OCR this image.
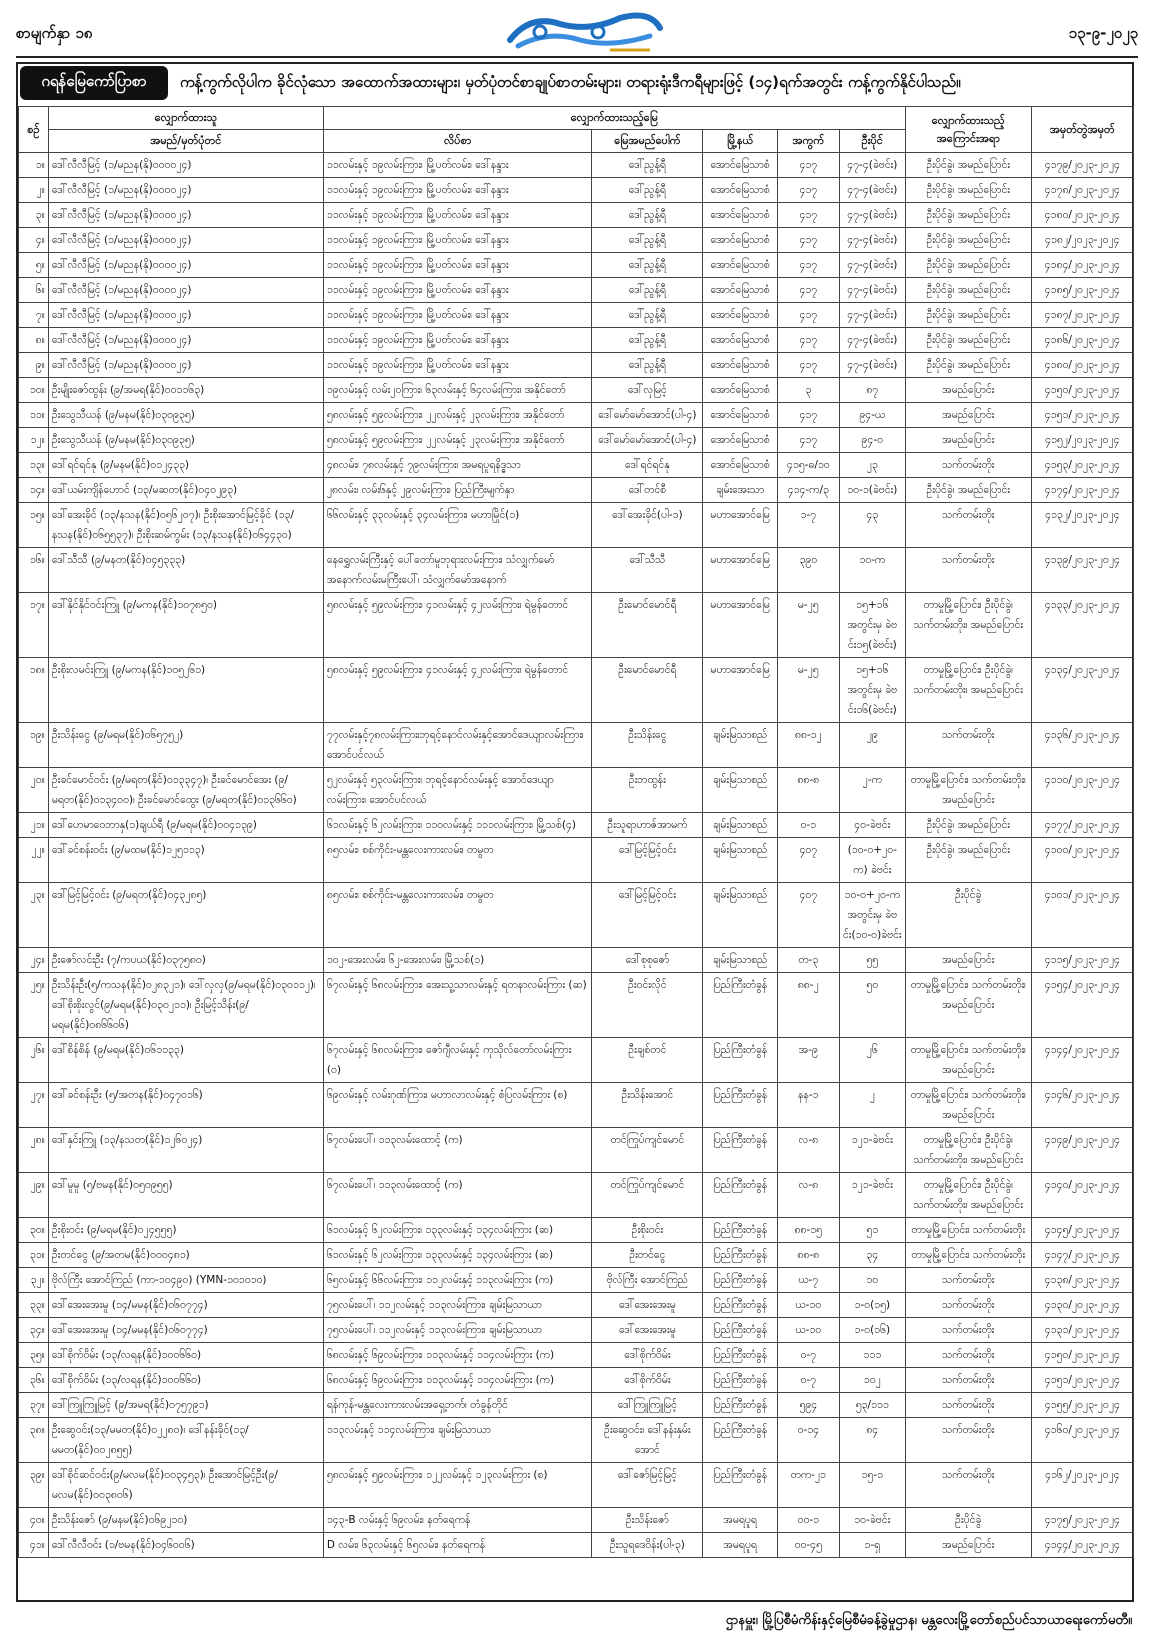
စာမျက်နှာ ၁၈	၁၃-၉-၂၀၂၃
ဂရန်မြေကော်ပြာစာ	ကန့်ကွက်လိုပါက ခိုင်လုံသော အထောက်အထားများ၊ မှတ်ပုံတင်စာချုပ်စာတမ်းများ၊ တရားရုံးဒီကရီများဖြင့် (၁၄)ရက်အတွင်း ကန့်ကွက်နိုင်ပါသည်။
စဉ်	လျှောက်ထားသူ	လျှောက်ထားသည့်မြေ					လျှောက်ထားသည့် အကြောင်းအရာ	အမှတ်တွဲအမှတ်
	အမည်/မှတ်ပုံတင်	လိပ်စာ	မြေအမည်ပေါက်	မြို့နယ်	အကွက်	ဦးပိုင်		
၁။	ဒေါ်လီလီမြင့် (၁/မညန(နို)၀၀၀၀၂၄)	၁၁လမ်းနှင့် ၁၉လမ်းကြား၊ မြို့ပတ်လမ်း၊ ဒေါ်နန္ဒား	ဒေါ်ညွန့်ရီ	အောင်မြေသာစံ	၄၁၇	၄၇-၄(ခဲဗင်း)	ဦးပိုင်ခွဲ၊ အမည်ပြောင်း	၄၁၇၉/၂၀၂၃-၂၀၂၄
၂။	ဒေါ်လီလီမြင့် (၁/မညန(နို)၀၀၀၀၂၄)	၁၁လမ်းနှင့် ၁၉လမ်းကြား၊ မြို့ပတ်လမ်း၊ ဒေါ်နန္ဒား	ဒေါ်ညွန့်ရီ	အောင်မြေသာစံ	၄၁၇	၄၇-၄(ခဲဗင်း)	ဦးပိုင်ခွဲ၊ အမည်ပြောင်း	၄၁၇၈/၂၀၂၃-၂၀၂၄
၃။	ဒေါ်လီလီမြင့် (၁/မညန(နို)၀၀၀၀၂၄)	၁၁လမ်းနှင့် ၁၉လမ်းကြား၊ မြို့ပတ်လမ်း၊ ဒေါ်နန္ဒား	ဒေါ်ညွန့်ရီ	အောင်မြေသာစံ	၄၁၇	၄၇-၄(ခဲဗင်း)	ဦးပိုင်ခွဲ၊ အမည်ပြောင်း	၄၁၈၀/၂၀၂၃-၂၀၂၄
၄။	ဒေါ်လီလီမြင့် (၁/မညန(နို)၀၀၀၀၂၄)	၁၁လမ်းနှင့် ၁၉လမ်းကြား၊ မြို့ပတ်လမ်း၊ ဒေါ်နန္ဒား	ဒေါ်ညွန့်ရီ	အောင်မြေသာစံ	၄၁၇	၄၇-၄(ခဲဗင်း)	ဦးပိုင်ခွဲ၊ အမည်ပြောင်း	၄၁၈၂/၂၀၂၃-၂၀၂၄
၅။	ဒေါ်လီလီမြင့် (၁/မညန(နို)၀၀၀၀၂၄)	၁၁လမ်းနှင့် ၁၉လမ်းကြား၊ မြို့ပတ်လမ်း၊ ဒေါ်နန္ဒား	ဒေါ်ညွန့်ရီ	အောင်မြေသာစံ	၄၁၇	၄၇-၄(ခဲဗင်း)	ဦးပိုင်ခွဲ၊ အမည်ပြောင်း	၄၁၈၄/၂၀၂၃-၂၀၂၄
၆။	ဒေါ်လီလီမြင့် (၁/မညန(နို)၀၀၀၀၂၄)	၁၁လမ်းနှင့် ၁၉လမ်းကြား၊ မြို့ပတ်လမ်း၊ ဒေါ်နန္ဒား	ဒေါ်ညွန့်ရီ	အောင်မြေသာစံ	၄၁၇	၄၇-၄(ခဲဗင်း)	ဦးပိုင်ခွဲ၊ အမည်ပြောင်း	၄၁၈၅/၂၀၂၃-၂၀၂၄
၇။	ဒေါ်လီလီမြင့် (၁/မညန(နို)၀၀၀၀၂၄)	၁၁လမ်းနှင့် ၁၉လမ်းကြား၊ မြို့ပတ်လမ်း၊ ဒေါ်နန္ဒား	ဒေါ်ညွန့်ရီ	အောင်မြေသာစံ	၄၁၇	၄၇-၄(ခဲဗင်း)	ဦးပိုင်ခွဲ၊ အမည်ပြောင်း	၄၁၈၇/၂၀၂၃-၂၀၂၄
၈။	ဒေါ်လီလီမြင့် (၁/မညန(နို)၀၀၀၀၂၄)	၁၁လမ်းနှင့် ၁၉လမ်းကြား၊ မြို့ပတ်လမ်း၊ ဒေါ်နန္ဒား	ဒေါ်ညွန့်ရီ	အောင်မြေသာစံ	၄၁၇	၄၇-၄(ခဲဗင်း)	ဦးပိုင်ခွဲ၊ အမည်ပြောင်း	၄၁၈၆/၂၀၂၃-၂၀၂၄
၉။	ဒေါ်လီလီမြင့် (၁/မညန(နို)၀၀၀၀၂၄)	၁၁လမ်းနှင့် ၁၉လမ်းကြား၊ မြို့ပတ်လမ်း၊ ဒေါ်နန္ဒား	ဒေါ်ညွန့်ရီ	အောင်မြေသာစံ	၄၁၇	၄၇-၄(ခဲဗင်း)	ဦးပိုင်ခွဲ၊ အမည်ပြောင်း	၄၁၈၀/၂၀၂၃-၂၀၂၄
၁၀။	ဦးမျိုးဇော်ထွန်း (၉/အမရ(နိုင်)၀၀၁၁၆၃)	၁၉လမ်းနှင့် လမ်း၂၀ကြား၊ ၆၃လမ်းနှင့် ၆၄လမ်းကြား၊ အနိုင်တော်	ဒေါ်လှမြင့်	အောင်မြေသာစံ	၃	၈၇	အမည်ပြောင်း	၄၁၅၀/၂၀၂၃-၂၀၂၄
၁၁။	ဦးသွေသီယန် (၉/မနမ(နိုင်)၀၃၀၉၃၅)	၅၈လမ်းနှင့် ၅၉လမ်းကြား၊ ၂၂လမ်းနှင့် ၂၃လမ်းကြား၊ အနိုင်တော်	ဒေါ်မော်မော်အောင်(ပါ-၄)	အောင်မြေသာစံ	၄၁၇	၉၄-ယ	အမည်ပြောင်း	၄၁၅၁/၂၀၂၃-၂၀၂၄
၁၂။	ဦးသွေသီယန် (၉/မနမ(နိုင်)၀၃၀၉၃၅)	၅၈လမ်းနှင့် ၅၉လမ်းကြား၊ ၂၂လမ်းနှင့် ၂၃လမ်းကြား၊ အနိုင်တော်	ဒေါ်မော်မော်အောင်(ပါ-၄)	အောင်မြေသာစံ	၄၁၇	၉၄-၀	အမည်ပြောင်း	၄၁၅၂/၂၀၂၃-၂၀၂၄
၁၃။	ဒေါ်ရင်ရင်နု (၉/မနမ(နိုင်)၀၁၂၄၃၃)	၄၈လမ်း၊ ၇၈လမ်းနှင့် ၇၉လမ်းကြား၊ အမရပူရနိဒ္ဓသာ	ဒေါ်ရင်ရင်နု	အောင်မြေသာစံ	၄၁၅-ဓ/၁၀	၂၃	သက်တမ်းတိုး	၄၁၅၃/၂၀၂၃-၂၀၂၄
၁၄။	ဒေါ်ယမ်းကျိန်ဟောင် (၁၃/မဆတ(နိုင်)၀၄၀၂၉၃)	၂၈လမ်း၊ လမ်း၆နှင့် ၂၉လမ်းကြား၊ ပြည်ကြီးမျက်နှာ	ဒေါ်တင်စီ	ချမ်းအေးသာ	၄၁၄-က/၃	၁၀-၁(ခဲဗင်း)	ဦးပိုင်ခွဲ၊ အမည်ပြောင်း	၄၁၇၄/၂၀၂၃-၂၀၂၄
၁၅။	ဒေါ်အေးခိုင် (၁၃/နသန(နိုင်)၀၅၆၂၀၇)၊ ဦးစိုးအောင်မြင့်ခိုင် (၁၃/နသန(နိုင်)၀၆၅၅၃၇)၊ ဦးစိုးဆမ်ကွမ်း (၁၃/နသန(နိုင်)၀၆၄၄၃၀)	၆၆လမ်းနှင့် ၃၃လမ်းနှင့် ၃၄လမ်းကြား၊ မဟာမြိုင်(၁)	ဒေါ်အေးခိုင်(ပါ-၁)	မဟာအောင်မြေ	၁-၇	၄၃	သက်တမ်းတိုး	၄၁၃၂/၂၀၂၃-၂၀၂၄
၁၆။	ဒေါ်သီသီ (၉/မနတ(နိုင်)၀၄၅၃၃၃)	နေရွှေလမ်းကြီးနှင့် ပေါ်တော်မူဘုရားလမ်းကြား၊ သံလျှက်မော်အနောက်လမ်းမကြီးပေါ်၊ သံလျှက်မော်အနောက်	ဒေါ်သီသီ	မဟာအောင်မြေ	၃၉၀	၁၀-က	သက်တမ်းတိုး	၄၁၃၉/၂၀၂၃-၂၀၂၄
၁၇။	ဒေါ်နိုင်နိုင်ဝင်းကြူ (၉/မကန(နိုင်)၁၀၇၈၅၀)	၅၈လမ်းနှင့် ၅၉လမ်းကြား၊ ၄၁လမ်းနှင့် ၄၂လမ်းကြား၊ ရဲမွန်တောင်	ဦးမောင်မောင်ရီ	မဟာအောင်မြေ	မ-၂၅	၁၅+၁၆ အတွင်းမှ ခဲဗင်း၁၅(ခဲဗင်း)	တာမှုမြို့ပြောင်း၊ ဦးပိုင်ခွဲ၊ သက်တမ်းတိုး၊ အမည်ပြောင်း	၄၁၃၃/၂၀၂၃-၂၀၂၄
၁၈။	ဦးစိုးလမင်းကြူ (၉/မကန(နိုင်)၁၀၅၂၆၁)	၅၈လမ်းနှင့် ၅၉လမ်းကြား၊ ၄၁လမ်းနှင့် ၄၂လမ်းကြား၊ ရဲမွန်တောင်	ဦးမောင်မောင်ရီ	မဟာအောင်မြေ	မ-၂၅	၁၅+၁၆ အတွင်းမှ ခဲဗင်း၁၆(ခဲဗင်း)	တာမှုမြို့ပြောင်း၊ ဦးပိုင်ခွဲ၊ သက်တမ်းတိုး၊ အမည်ပြောင်း	၄၁၃၄/၂၀၂၃-၂၀၂၄
၁၉။	ဦးသိန်းငွေ (၉/မရမ(နိုင်)၀၆၅၇၅၂)	၇၇လမ်းနှင့်၇၈လမ်းကြား၊ဘုရင့်နောင်လမ်းနှင့်အောင်ဒေယျာလမ်းကြား၊အောင်ပင်လယ်	ဦးသိန်းငွေ	ချမ်းမြသာစည်	၈၈-၁၂	၂၉	သက်တမ်းတိုး	၄၁၃၆/၂၀၂၃-၂၀၂၄
၂၀။	ဦးခင်မောင်ဝင်း (၉/မရတ(နိုင်)၀၁၃၃၄၇)၊ ဦးခင်မောင်အေး (၉/မရတ(နိုင်)၀၁၃၄၀၀)၊ ဦးခင်မောင်ထွေး (၉/မရတ(နိုင်)၀၁၃၆၆၀)	၅၂လမ်းနှင့် ၅၃လမ်းကြား၊ ဘုရင့်နောင်လမ်းနှင့် အောင်ဒေယျာလမ်းကြား၊ အောင်ပင်လယ်	ဦးဘထွန်း	ချမ်းမြသာစည်	၈၈-၈	၂-က	တာမှုမြို့ပြောင်း၊ သက်တမ်းတိုး၊ အမည်ပြောင်း	၄၁၁၀/၂၀၂၃-၂၀၂၄
၂၁။	ဒေါ်ဟေမာဝေဘာနှ(၁)ချယ်ရီ (၉/မရမ(နိုင်)၀၀၄၁၃၉)	၆၁လမ်းနှင့် ၆၂လမ်းကြား၊ ၁၁၀လမ်းနှင့် ၁၁၁လမ်းကြား၊ မြို့သစ်(၄)	ဦးသူရာဟာဇ်အာမက်	ချမ်းမြသာစည်	၀-၁	၄၀-ခဲဗင်း	ဦးပိုင်ခွဲ၊ အမည်ပြောင်း	၄၁၇၇/၂၀၂၃-၂၀၂၄
၂၂။	ဒေါ်ခင်စန်းဝင်း (၉/မထမ(နိုင်)၁၂၅၁၁၃)	၈၅လမ်း၊ စစ်ကိုင်း-မန္တလေးကားလမ်း၊ တမွတ	ဒေါ်မြင့်မြင့်ဝင်း	ချမ်းမြသာစည်	၄၀၇	(၁၀-၀+၂၀-က) ခဲဗင်း	ဦးပိုင်ခွဲ၊ အမည်ပြောင်း	၄၁၀၀/၂၀၂၃-၂၀၂၄
၂၃။	ဒေါ်မြင့်မြင့်ဝင်း (၉/မရတ(နိုင်)၀၄၃၂၈၅)	၈၅လမ်း၊ စစ်ကိုင်း-မန္တလေးကားလမ်း၊ တမွတ	ဒေါ်မြင့်မြင့်ဝင်း	ချမ်းမြသာစည်	၄၀၇	၁၀-၀+၂၀-က အတွင်းမှ ခဲဗင်း(၁၀-၀)ခဲဗင်း	ဦးပိုင်ခွဲ	၄၁၀၁/၂၀၂၃-၂၀၂၄
၂၄။	ဦးဇော်လင်းဦး (၇/ကပယ(နိုင်)၀၃၇၅၈၀)	၁၀၂-အေးလမ်း၊ ၆၂-အေးလမ်း၊ မြို့သစ်(၁)	ဒေါ်စုစုဇော်	ချမ်းမြသာစည်	တ-၃	၅၅	အမည်ပြောင်း	၄၁၁၅/၂၀၂၃-၂၀၂၄
၂၅။	ဦးသိန်းဦး(၅/ကသန(နိုင်)၀၂၈၃၂၁)၊ ဒေါ်လှလှ(၉/မရမ(နိုင်)၀၃၀၁၁၂)၊ ဒေါ်စိုးစိုးလွင်(၉/မရမ(နိုင်)၀၃၀၂၁၁)၊ ဦးမြင့်သိန်း(၉/မရမ(နိုင်)၀၈၆၆၀၆)	၆၇လမ်းနှင့် ၆၈လမ်းကြား၊ အေးသူ့သာလမ်းနှင့် ရတနာလမ်းကြား (ဆ)	ဦးဝင်းလိုင်	ပြည်ကြီးတံခွန်	၈၈-၂	၅၀	တာမှုမြို့ပြောင်း၊ သက်တမ်းတိုး၊ အမည်ပြောင်း	၄၁၅၄/၂၀၂၃-၂၀၂၄
၂၆။	ဒေါ်စိန်စိန် (၉/မရမ(နိုင်)၀၆၁၁၃၃)	၆၇လမ်းနှင့် ၆၈လမ်းကြား၊ ဇော်ဂျီလမ်းနှင့် ကုသိုလ်တော်လမ်းကြား (ဝ)	ဦးချစ်တင်	ပြည်ကြီးတံခွန်	အ-၉	၂၆	တာမှုမြို့ပြောင်း၊ သက်တမ်းတိုး၊ အမည်ပြောင်း	၄၁၄၄/၂၀၂၃-၂၀၂၄
၂၇။	ဒေါ်ခင်စန်းဦး (၅/အတန(နိုင်)၀၄၇၀၁၆)	၆၉လမ်းနှင့် လမ်းဂုဏ်ကြား၊ မဟာလာလမ်းနှင့် စံပြလမ်းကြား (စ)	ဦးသိန်းအောင်	ပြည်ကြီးတံခွန်	နန-၁	၂	တာမှုမြို့ပြောင်း၊ သက်တမ်းတိုး၊ အမည်ပြောင်း	၄၁၄၆/၂၀၂၃-၂၀၂၄
၂၈။	ဒေါ်နှင်းကြူ (၁၃/နသတ(နိုင်)၁၂၆၀၂၄)	၆၇လမ်းပေါ်၊ ၁၁၃လမ်းထောင့် (က)	တင်ကြုပ်ကျင်မောင်	ပြည်ကြီးတံခွန်	လ-၈	၁၂၁-ခဲဗင်း	တာမှုမြို့ပြောင်း၊ ဦးပိုင်ခွဲ၊ သက်တမ်းတိုး၊ အမည်ပြောင်း	၄၁၄၉/၂၀၂၃-၂၀၂၄
၂၉။	ဒေါ်မူမူ (၅/ဗမန(နိုင်)၀၅၀၉၅၅)	၆၇လမ်းပေါ်၊ ၁၁၃လမ်းထောင့် (က)	တင်ကြုပ်ကျင်မောင်	ပြည်ကြီးတံခွန်	လ-၈	၁၂၁-ခဲဗင်း	တာမှုမြို့ပြောင်း၊ ဦးပိုင်ခွဲ၊ သက်တမ်းတိုး၊ အမည်ပြောင်း	၄၁၄၀/၂၀၂၃-၂၀၂၄
၃၀။	ဦးစိုးဝင်း (၉/မရမ(နိုင်)၀၂၄၅၅၅)	၆၁လမ်းနှင့် ၆၂လမ်းကြား၊ ၁၃၃လမ်းနှင့် ၁၃၄လမ်းကြား (ဆ)	ဦးစိုးဝင်း	ပြည်ကြီးတံခွန်	၈၈-၁၅	၅၁	တာမှုမြို့ပြောင်း၊ သက်တမ်းတိုး	၄၁၄၅/၂၀၂၃-၂၀၂၄
၃၁။	ဦးတင်ငွေ (၉/အတမ(နိုင်)၀၀၀၄၈၁)	၆၁လမ်းနှင့် ၆၂လမ်းကြား၊ ၁၃၃လမ်းနှင့် ၁၃၄လမ်းကြား (ဆ)	ဦးတင်ငွေ	ပြည်ကြီးတံခွန်	၈၈-၈	၃၄	တာမှုမြို့ပြောင်း၊ သက်တမ်းတိုး	၄၁၄၇/၂၀၂၃-၂၀၂၄
၃၂။	ဗိုလ်ကြီး အောင်ကြည် (ကာ-၁၀၄၉၀) (YMN-၁၀၁၀၁၀)	၆၅လမ်းနှင့် ၆၆လမ်းကြား၊ ၁၁၂လမ်းနှင့် ၁၁၃လမ်းကြား (က)	ဗိုလ်ကြီး အောင်ကြည်	ပြည်ကြီးတံခွန်	ယ-၇	၁၀	သက်တမ်းတိုး	၄၁၃၈/၂၀၂၃-၂၀၂၄
၃၃။	ဒေါ်အေးအေးမူ (၁၄/မမန(နိုင်)၀၆၀၇၇၄)	၇၅လမ်းပေါ်၊ ၁၁၂လမ်းနှင့် ၁၁၃လမ်းကြား၊ ချမ်းမြသာယာ	ဒေါ်အေးအေးမူ	ပြည်ကြီးတံခွန်	ယ-၁၀	၁-၀(၁၅)	သက်တမ်းတိုး	၄၁၃၀/၂၀၂၃-၂၀၂၄
၃၄။	ဒေါ်အေးအေးမူ (၁၄/မမန(နိုင်)၀၆၀၇၇၄)	၇၅လမ်းပေါ်၊ ၁၁၂လမ်းနှင့် ၁၁၃လမ်းကြား၊ ချမ်းမြသာယာ	ဒေါ်အေးအေးမူ	ပြည်ကြီးတံခွန်	ယ-၁၀	၁-၀(၁၆)	သက်တမ်းတိုး	၄၁၃၁/၂၀၂၃-၂၀၂၄
၃၅။	ဒေါ်စိုက်ဝိမ်း (၁၃/လရန(နိုင်)၁၀၀၆၆၀)	၆၈လမ်းနှင့် ၆၉လမ်းကြား၊ ၁၁၃လမ်းနှင့် ၁၁၄လမ်းကြား (က)	ဒေါ်စိုက်ဝိမ်း	ပြည်ကြီးတံခွန်	ဝ-၇	၁၁၁	သက်တမ်းတိုး	၄၁၅၀/၂၀၂၃-၂၀၂၄
၃၆။	ဒေါ်စိုက်ဝိမ်း (၁၃/လရန(နိုင်)၁၀၀၆၆၀)	၆၈လမ်းနှင့် ၆၉လမ်းကြား၊ ၁၁၃လမ်းနှင့် ၁၁၄လမ်းကြား (က)	ဒေါ်စိုက်ဝိမ်း	ပြည်ကြီးတံခွန်	ဝ-၇	၁၀၂	သက်တမ်းတိုး	၄၁၅၁/၂၀၂၃-၂၀၂၄
၃၇။	ဒေါ်ကြူကြူမြင့် (၉/အမရ(နိုင်)၀၇၅၇၉၁)	ရန်ကုန်-မန္တလေးကားလမ်းအရှေ့ဘက်၊ တံခွန်တိုင်	ဒေါ်ကြူကြူမြင့်	ပြည်ကြီးတံခွန်	၅၉၄	၅၃/၁၁၁	သက်တမ်းတိုး	၄၁၅၅/၂၀၂၃-၂၀၂၄
၃၈။	ဦးဆွေဝင်း(၁၃/မမတ(နိုင်)၀၂၂၈၀)၊ ဒေါ်နန်းခိုင်(၁၃/မမတ(နိုင်)၀၀၂၈၅၅)	၁၁၃လမ်းနှင့် ၁၁၄လမ်းကြား၊ ချမ်းမြသာယာ	ဦးဆွေဝင်း၊ ဒေါ်နန်းနှမ်းအောင်	ပြည်ကြီးတံခွန်	ဝ-၁၄	၈၄	သက်တမ်းတိုး	၄၁၆၀/၂၀၂၃-၂၀၂၄
၃၉။	ဒေါ်စိုင်ဆင်ဝင်း(၉/မလမ(နိုင်)၀၀၃၄၅၃)၊ ဦးအောင်မြင့်ဦး(၉/မလမ(နိုင်)၀၀၃၈၀၆)	၅၈လမ်းနှင့် ၅၉လမ်းကြား၊ ၁၂၂လမ်းနှင့် ၁၂၃လမ်းကြား (စ)	ဒေါ်ဇော်မြင့်မြင့်	ပြည်ကြီးတံခွန်	တက-၂၁	၁၅-၁	သက်တမ်းတိုး	၄၁၆၂/၂၀၂၃-၂၀၂၄
၄၀။	ဦးသိန်းဇော် (၉/မနမ(နိုင်)၀၆၉၂၁၀)	၁၄၃-B လမ်းနှင့် ၆၉လမ်း၊ နတ်ရေကန်	ဦးသိန်းဇော်	အမရပူရ	၀၀-၁	၁၀-ခဲဗင်း	ဦးပိုင်ခွဲ	၄၁၇၅/၂၀၂၃-၂၀၂၄
၄၁။	ဒေါ်လီလီဝင်း (၁/ဗမန(နိုင်)၀၄၆၀၀၆)	D လမ်း၊ ၆၃လမ်းနှင့် ၆၅လမ်း၊ နတ်ရေကန်	ဦးသူရဒေဝိန်း(ပါ-၃)	အမရပူရ	၀၀-၄၅	၁-ရှ	အမည်ပြောင်း	၄၁၄၄/၂၀၂၃-၂၀၂၄
ဌာနမှူး၊ မြို့ပြစီမံကိန်းနှင့်မြေစီမံခန့်ခွဲမှုဌာန၊ မန္တလေးမြို့တော်စည်ပင်သာယာရေးကော်မတီ။
